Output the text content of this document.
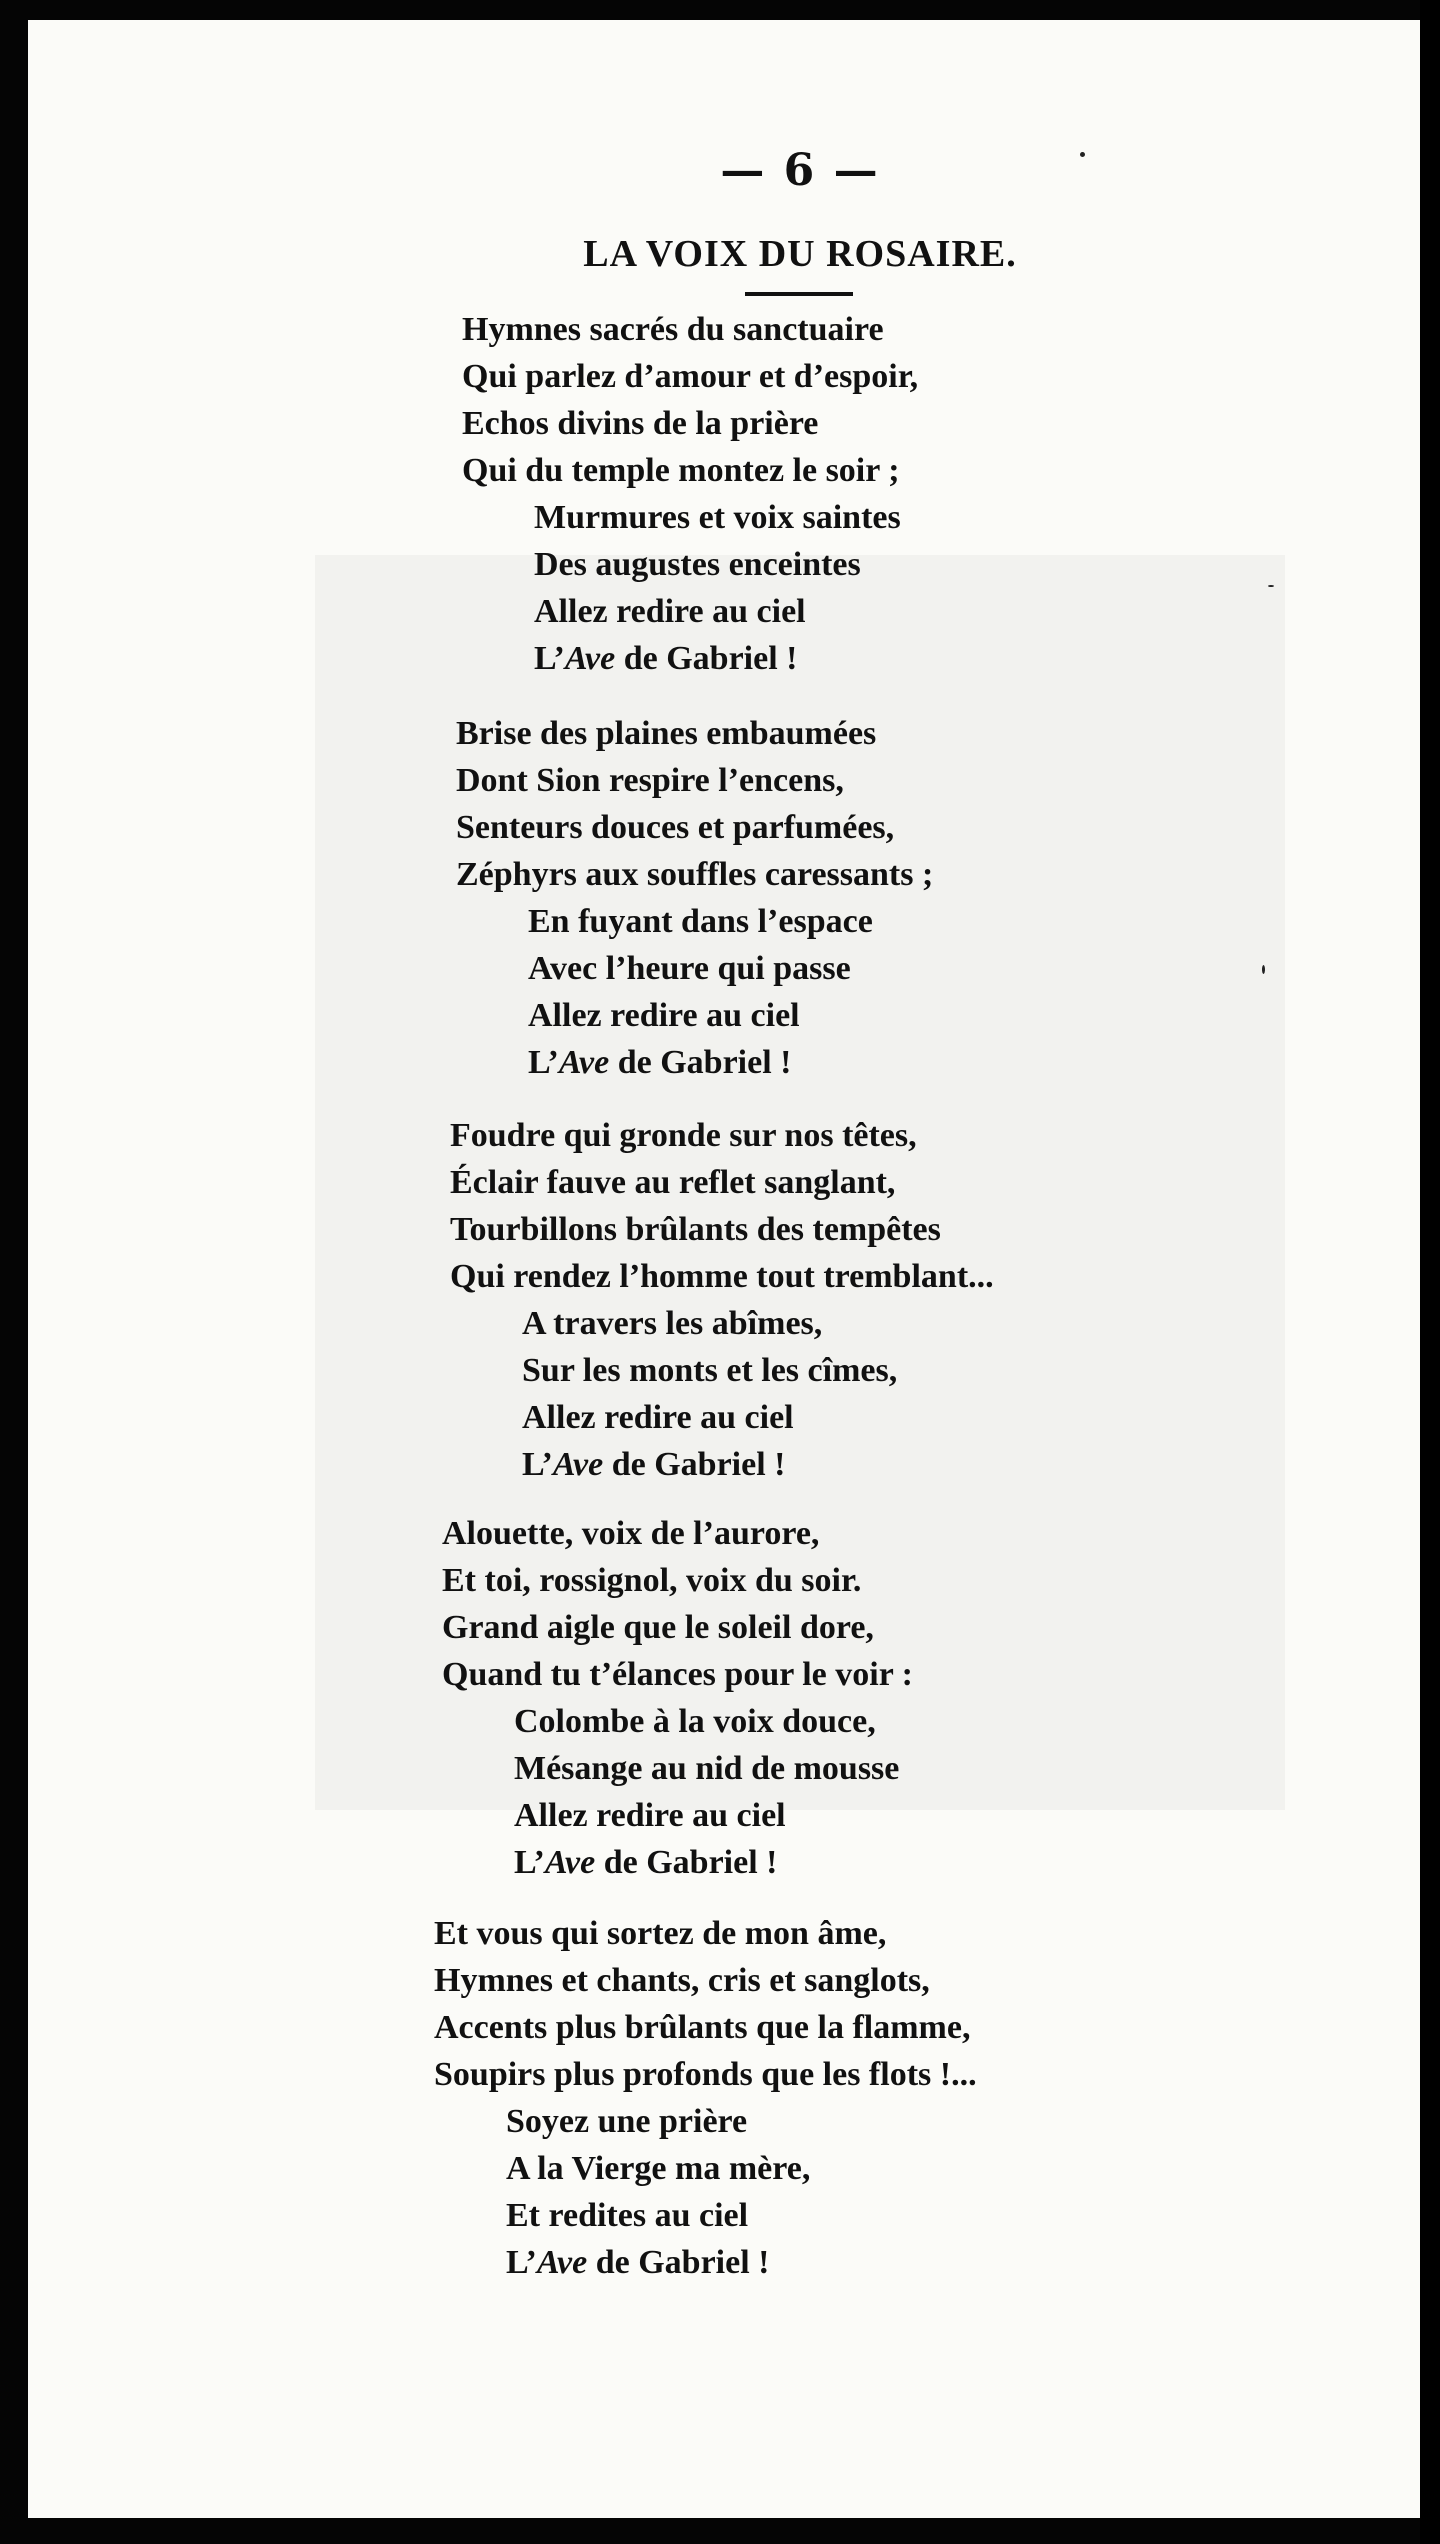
— 6 —
LA VOIX DU ROSAIRE.
Hymnes sacrés du sanctuaire
Qui parlez d’amour et d’espoir,
Echos divins de la prière
Qui du temple montez le soir ;
Murmures et voix saintes
Des augustes enceintes
Allez redire au ciel
L’Ave de Gabriel !
Brise des plaines embaumées
Dont Sion respire l’encens,
Senteurs douces et parfumées,
Zéphyrs aux souffles caressants ;
En fuyant dans l’espace
Avec l’heure qui passe
Allez redire au ciel
L’Ave de Gabriel !
Foudre qui gronde sur nos têtes,
Éclair fauve au reflet sanglant,
Tourbillons brûlants des tempêtes
Qui rendez l’homme tout tremblant...
A travers les abîmes,
Sur les monts et les cîmes,
Allez redire au ciel
L’Ave de Gabriel !
Alouette, voix de l’aurore,
Et toi, rossignol, voix du soir.
Grand aigle que le soleil dore,
Quand tu t’élances pour le voir :
Colombe à la voix douce,
Mésange au nid de mousse
Allez redire au ciel
L’Ave de Gabriel !
Et vous qui sortez de mon âme,
Hymnes et chants, cris et sanglots,
Accents plus brûlants que la flamme,
Soupirs plus profonds que les flots !...
Soyez une prière
A la Vierge ma mère,
Et redites au ciel
L’Ave de Gabriel !
